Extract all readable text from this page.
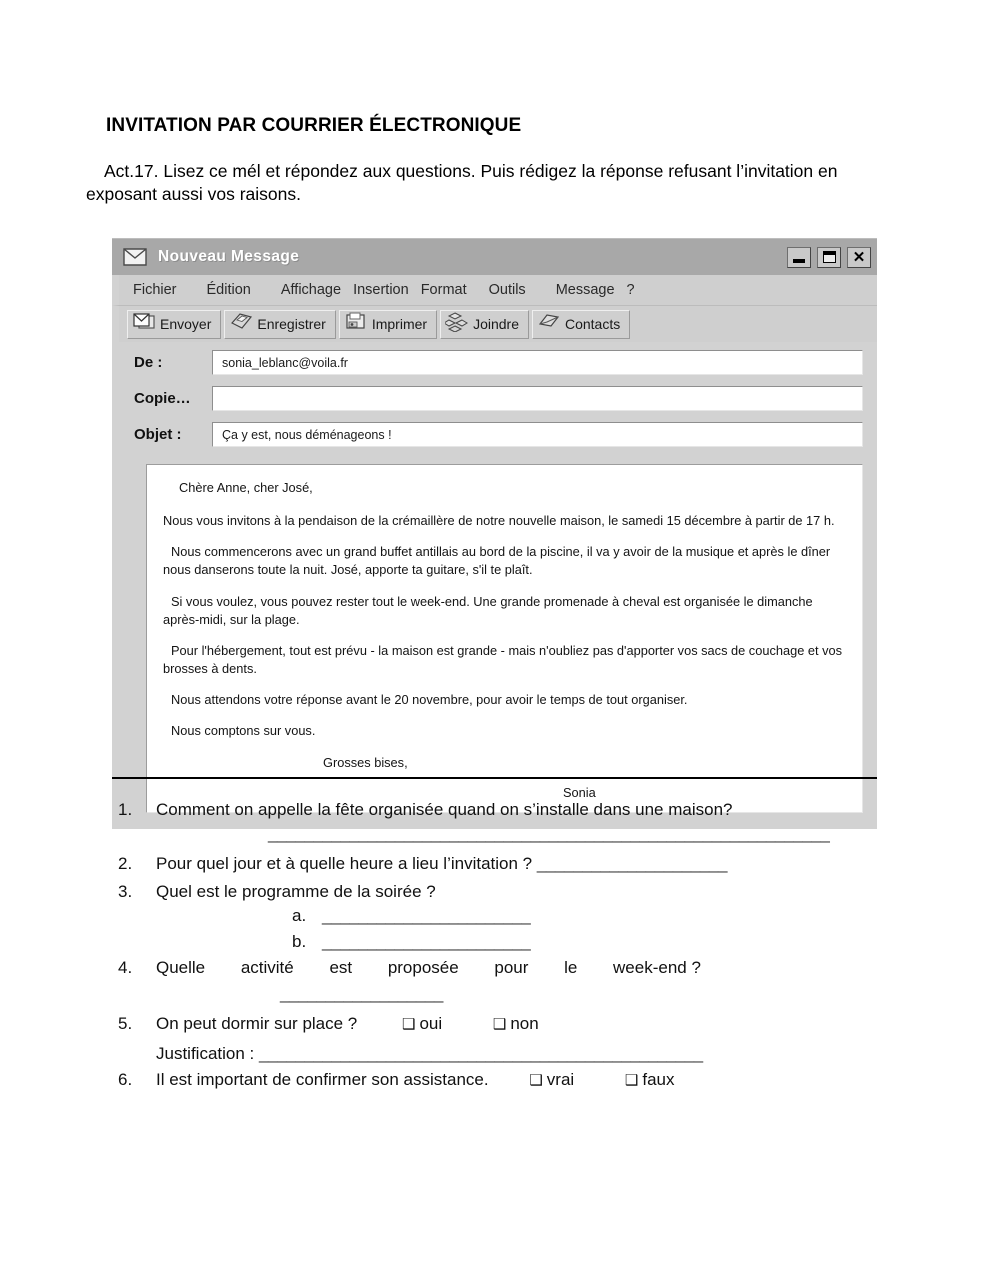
INVITATION PAR COURRIER ÉLECTRONIQUE
Act.17. Lisez ce mél et répondez aux questions. Puis rédigez la réponse refusant l’invitation en exposant aussi vos raisons.
Nouveau Message	✕
Fichier Édition Affichage Insertion Format Outils Message ?
Envoyer	Enregistrer	Imprimer	Joindre	Contacts
De :	sonia_leblanc@voila.fr
Copie…
Objet :	Ça y est, nous déménageons !

Chère Anne, cher José,

Nous vous invitons à la pendaison de la crémaillère de notre nouvelle maison, le samedi 15 décembre à partir de 17 h.

Nous commencerons avec un grand buffet antillais au bord de la piscine, il va y avoir de la musique et après le dîner nous danserons toute la nuit. José, apporte ta guitare, s'il te plaît.

Si vous voulez, vous pouvez rester tout le week-end. Une grande promenade à cheval est organisée le dimanche après-midi, sur la plage.

Pour l'hébergement, tout est prévu - la maison est grande - mais n'oubliez pas d'apporter vos sacs de couchage et vos brosses à dents.

Nous attendons votre réponse avant le 20 novembre, pour avoir le temps de tout organiser.

Nous comptons sur vous.

Grosses bises,

Sonia

1.	Comment on appelle la fête organisée quand on s’installe dans une maison?
______________________________________________________________
2.	Pour quel jour et à quelle heure a lieu l’invitation ? _____________________
3.	Quel est le programme de la soirée ?
a. _______________________
b. _______________________
4.	Quelle activité est proposée pour le week-end ?
__________________
5.	On peut dormir sur place ?	❑ oui	❑ non
Justification : _________________________________________________
6.	Il est important de confirmer son assistance.	❑ vrai	❑ faux
